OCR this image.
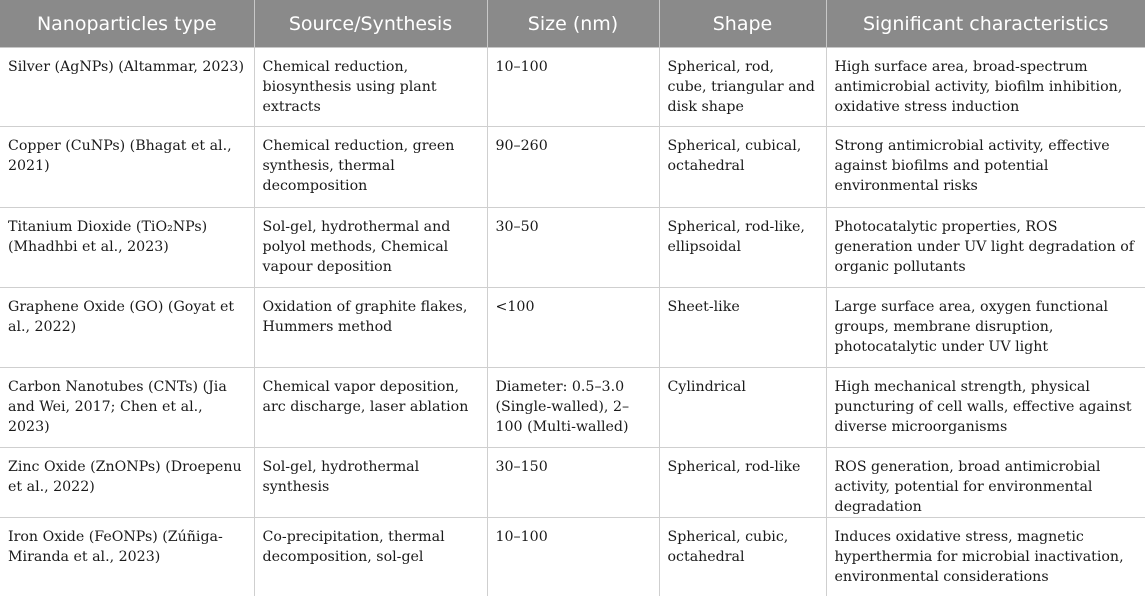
Nanoparticles type	Source/Synthesis	Size (nm)	Shape	Significant characteristics
Silver (AgNPs) (Altammar, 2023)	Chemical reduction, biosynthesis using plant extracts	10–100	Spherical, rod, cube, triangular and disk shape	High surface area, broad-spectrum antimicrobial activity, biofilm inhibition, oxidative stress induction
Copper (CuNPs) (Bhagat et al., 2021)	Chemical reduction, green synthesis, thermal decomposition	90–260	Spherical, cubical, octahedral	Strong antimicrobial activity, effective against biofilms and potential environmental risks
Titanium Dioxide (TiO₂NPs) (Mhadhbi et al., 2023)	Sol-gel, hydrothermal and polyol methods, Chemical vapour deposition	30–50	Spherical, rod-like, ellipsoidal	Photocatalytic properties, ROS generation under UV light degradation of organic pollutants
Graphene Oxide (GO) (Goyat et al., 2022)	Oxidation of graphite flakes, Hummers method	<100	Sheet-like	Large surface area, oxygen functional groups, membrane disruption, photocatalytic under UV light
Carbon Nanotubes (CNTs) (Jia and Wei, 2017; Chen et al., 2023)	Chemical vapor deposition, arc discharge, laser ablation	Diameter: 0.5–3.0 (Single-walled), 2–100 (Multi-walled)	Cylindrical	High mechanical strength, physical puncturing of cell walls, effective against diverse microorganisms
Zinc Oxide (ZnONPs) (Droepenu et al., 2022)	Sol-gel, hydrothermal synthesis	30–150	Spherical, rod-like	ROS generation, broad antimicrobial activity, potential for environmental degradation
Iron Oxide (FeONPs) (Zúñiga-Miranda et al., 2023)	Co-precipitation, thermal decomposition, sol-gel	10–100	Spherical, cubic, octahedral	Induces oxidative stress, magnetic hyperthermia for microbial inactivation, environmental considerations
